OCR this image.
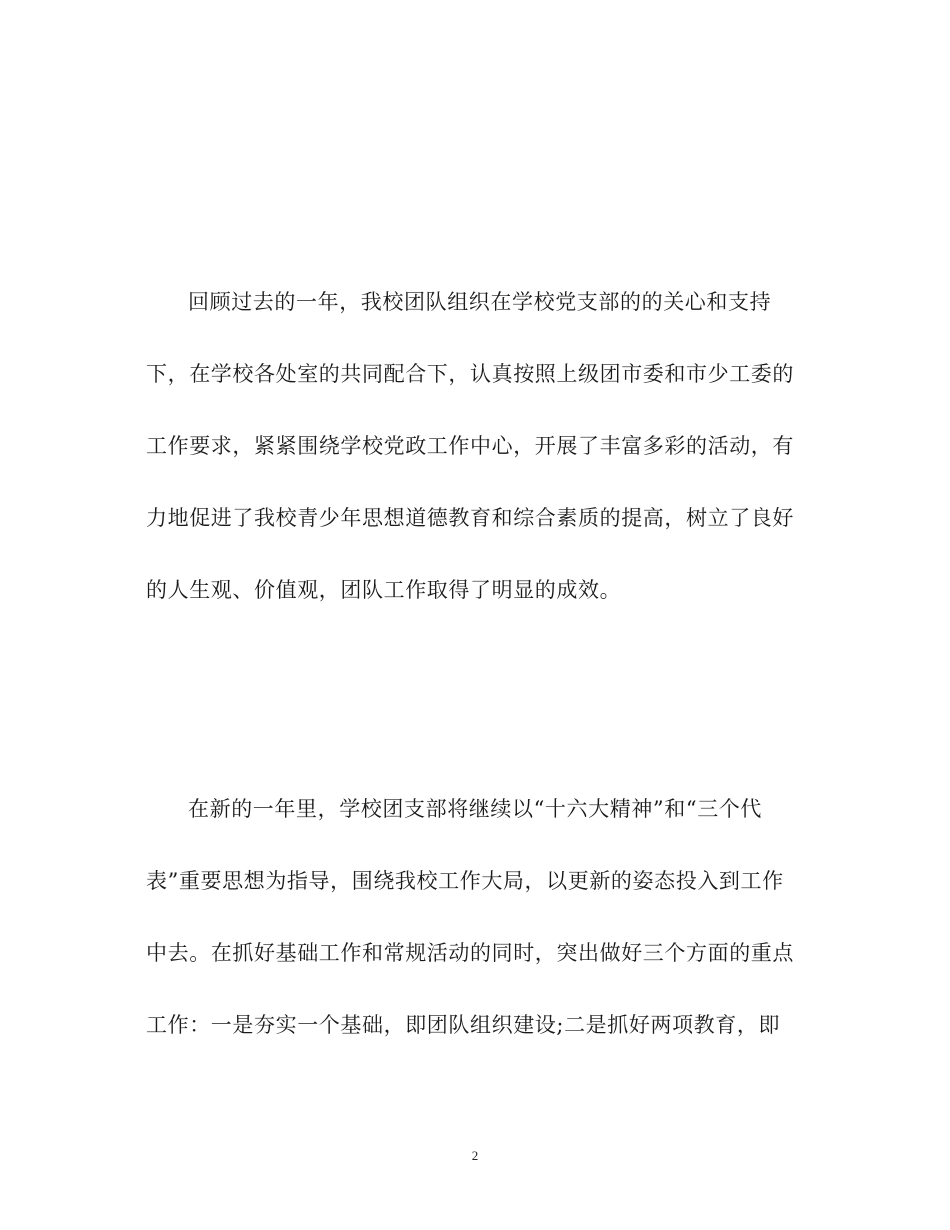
回顾过去的一年，我校团队组织在学校党支部的的关心和支持
下，在学校各处室的共同配合下，认真按照上级团市委和市少工委的
工作要求，紧紧围绕学校党政工作中心，开展了丰富多彩的活动，有
力地促进了我校青少年思想道德教育和综合素质的提高，树立了良好
的人生观、价值观，团队工作取得了明显的成效。
在新的一年里，学校团支部将继续以“十六大精神”和“三个代
表”重要思想为指导，围绕我校工作大局，以更新的姿态投入到工作
中去。在抓好基础工作和常规活动的同时，突出做好三个方面的重点
工作：一是夯实一个基础，即团队组织建设;二是抓好两项教育，即
2
